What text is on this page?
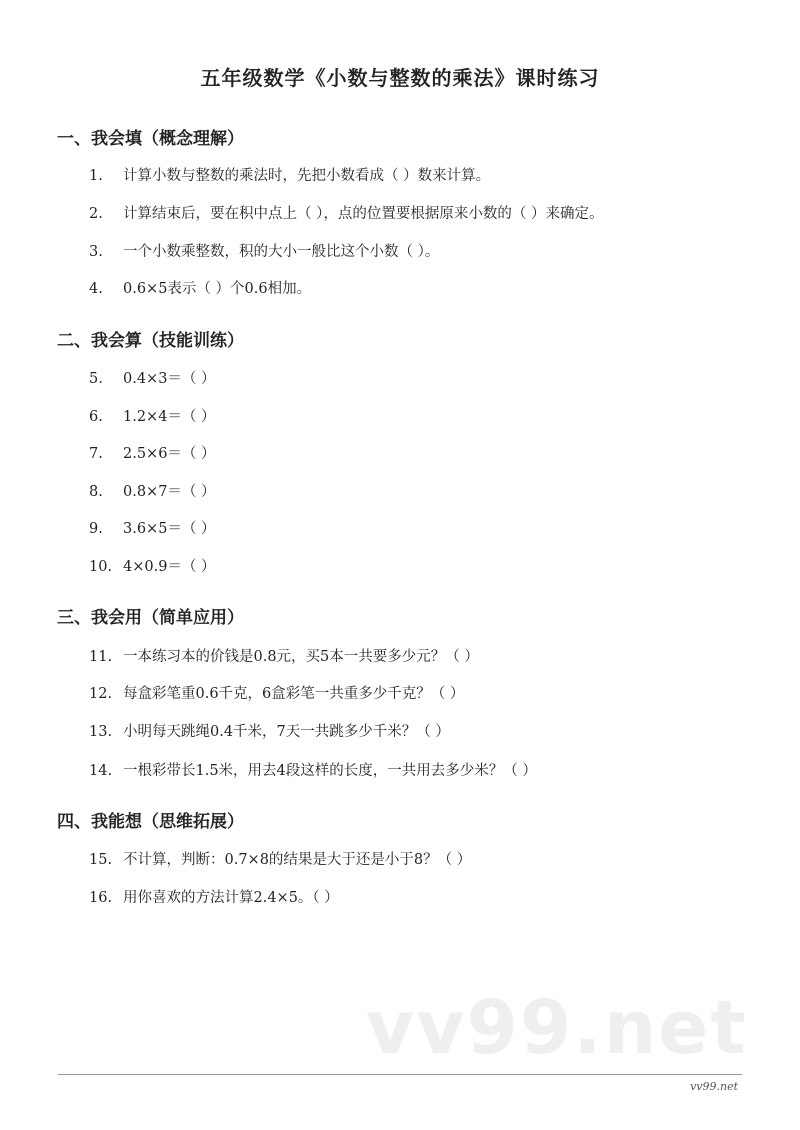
五年级数学《小数与整数的乘法》课时练习
一、我会填（概念理解）
1. 计算小数与整数的乘法时，先把小数看成（ ）数来计算。
2. 计算结束后，要在积中点上（ ），点的位置要根据原来小数的（ ）来确定。
3. 一个小数乘整数，积的大小一般比这个小数（ ）。
4. 0.6×5表示（ ）个0.6相加。
二、我会算（技能训练）
5. 0.4×3＝（ ）
6. 1.2×4＝（ ）
7. 2.5×6＝（ ）
8. 0.8×7＝（ ）
9. 3.6×5＝（ ）
10. 4×0.9＝（ ）
三、我会用（简单应用）
11. 一本练习本的价钱是0.8元，买5本一共要多少元？（ ）
12. 每盒彩笔重0.6千克，6盒彩笔一共重多少千克？（ ）
13. 小明每天跳绳0.4千米，7天一共跳多少千米？（ ）
14. 一根彩带长1.5米，用去4段这样的长度，一共用去多少米？（ ）
四、我能想（思维拓展）
15. 不计算，判断：0.7×8的结果是大于还是小于8？（ ）
16. 用你喜欢的方法计算2.4×5。（ ）
vv99.net
vv99.net
